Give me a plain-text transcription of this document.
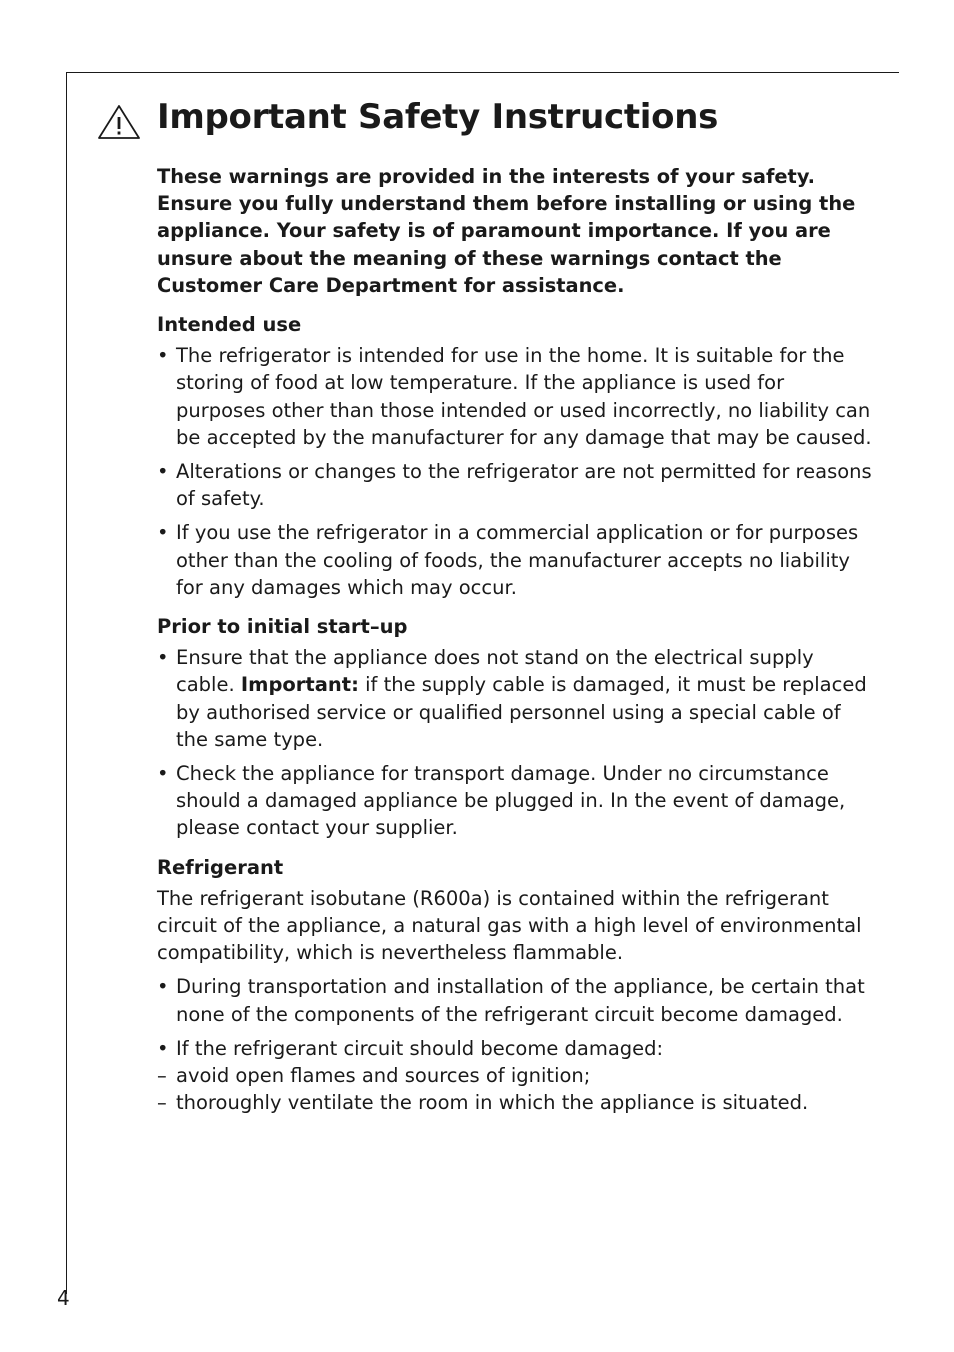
Important Safety Instructions

These warnings are provided in the interests of your safety. Ensure you fully understand them before installing or using the appliance. Your safety is of paramount importance. If you are unsure about the meaning of these warnings contact the Customer Care Department for assistance.

Intended use

• The refrigerator is intended for use in the home. It is suitable for the storing of food at low temperature. If the appliance is used for purposes other than those intended or used incorrectly, no liability can be accepted by the manufacturer for any damage that may be caused.

• Alterations or changes to the refrigerator are not permitted for reasons of safety.

• If you use the refrigerator in a commercial application or for purposes other than the cooling of foods, the manufacturer accepts no liability for any damages which may occur.

Prior to initial start–up

• Ensure that the appliance does not stand on the electrical supply cable. Important: if the supply cable is damaged, it must be replaced by authorised service or qualified personnel using a special cable of the same type.

• Check the appliance for transport damage. Under no circumstance should a damaged appliance be plugged in. In the event of damage, please contact your supplier.

Refrigerant

The refrigerant isobutane (R600a) is contained within the refrigerant circuit of the appliance, a natural gas with a high level of environmental compatibility, which is nevertheless flammable.

• During transportation and installation of the appliance, be certain that none of the components of the refrigerant circuit become damaged.

• If the refrigerant circuit should become damaged:

– avoid open flames and sources of ignition;

– thoroughly ventilate the room in which the appliance is situated.

4
